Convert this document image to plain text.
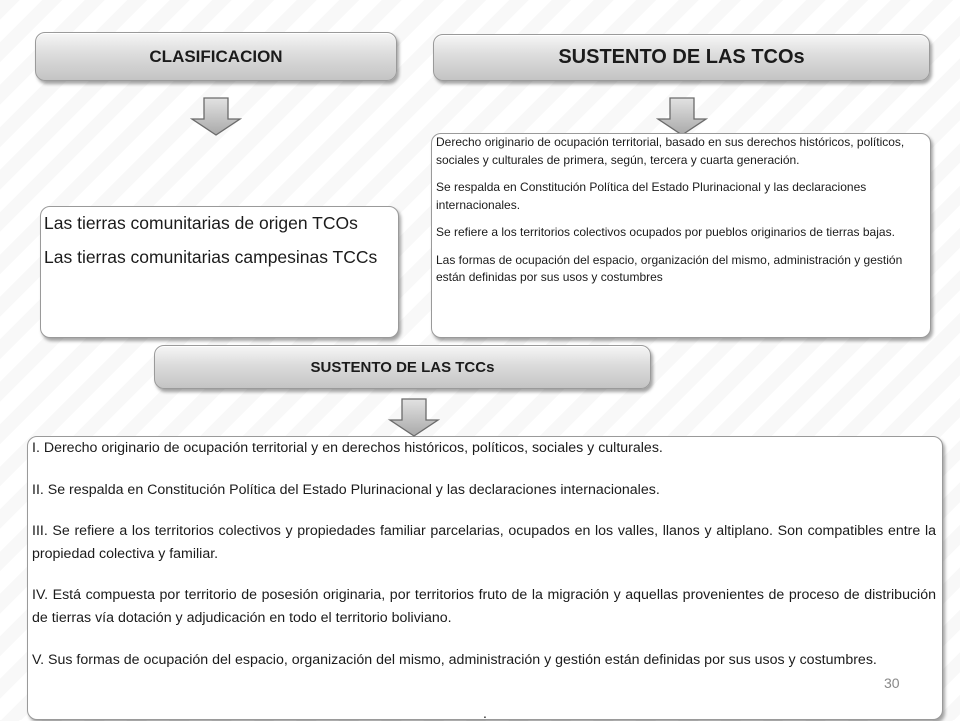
CLASIFICACION	SUSTENTO DE LAS TCOs
SUSTENTO DE LAS TCCs

Las tierras comunitarias de origen TCOs

Las tierras comunitarias campesinas TCCs

Derecho originario de ocupación territorial, basado en sus derechos históricos, políticos, sociales y culturales de primera, según, tercera y cuarta generación.

Se respalda en Constitución Política del Estado Plurinacional y las declaraciones internacionales.

Se refiere a los territorios colectivos ocupados por pueblos originarios de tierras bajas.

Las formas de ocupación del espacio, organización del mismo, administración y gestión están definidas por sus usos y costumbres

I. Derecho originario de ocupación territorial y en derechos históricos, políticos, sociales y culturales.

II. Se respalda en Constitución Política del Estado Plurinacional y las declaraciones internacionales.

III. Se refiere a los territorios colectivos y propiedades familiar parcelarias, ocupados en los valles, llanos y altiplano. Son compatibles entre la propiedad colectiva y familiar.

IV. Está compuesta por territorio de posesión originaria, por territorios fruto de la migración y aquellas provenientes de proceso de distribución de tierras vía dotación y adjudicación en todo el territorio boliviano.

V. Sus formas de ocupación del espacio, organización del mismo, administración y gestión están definidas por sus usos y costumbres.

30
.
